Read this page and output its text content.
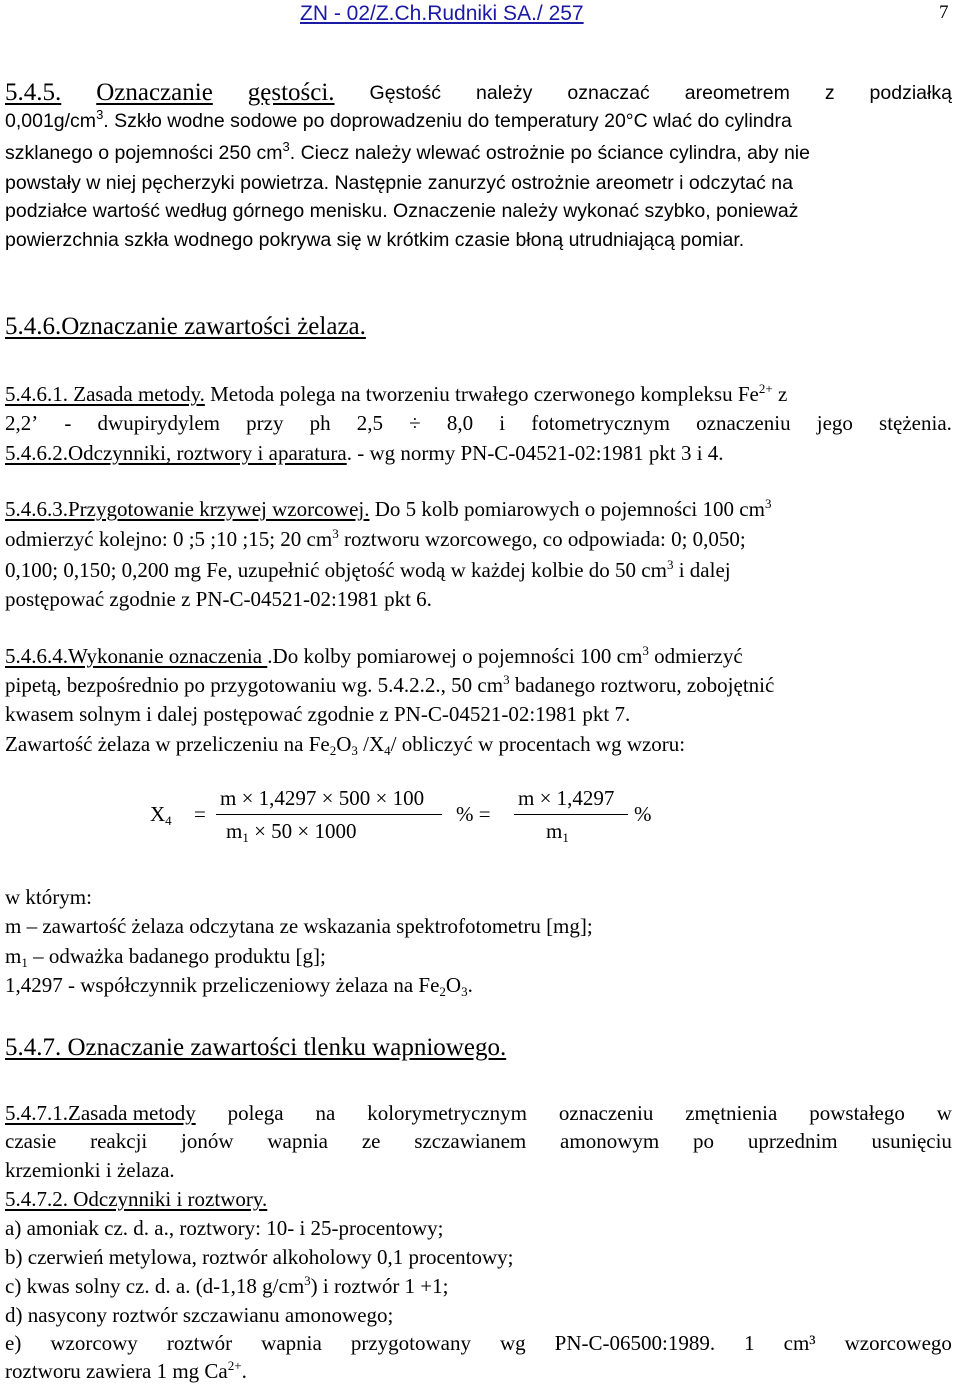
ZN - 02/Z.Ch.Rudniki SA./ 257	7
5.4.5. Oznaczanie gęstości. Gęstość należy oznaczać areometrem z podziałką
$0,001g/cm^3$. Szkło wodne sodowe po doprowadzeniu do temperatury 20°C wlać do cylindra
szklanego o pojemności 250 $cm^3$. Ciecz należy wlewać ostrożnie po ściance cylindra, aby nie
powstały w niej pęcherzyki powietrza. Następnie zanurzyć ostrożnie areometr i odczytać na
podziałce wartość według górnego menisku. Oznaczenie należy wykonać szybko, ponieważ
powierzchnia szkła wodnego pokrywa się w krótkim czasie błoną utrudniającą pomiar.
5.4.6.Oznaczanie zawartości żelaza.
5.4.6.1. Zasada metody. Metoda polega na tworzeniu trwałego czerwonego kompleksu $Fe^{2+}$ z
2,2’ - dwupirydylem przy ph 2,5 ÷ 8,0 i fotometrycznym oznaczeniu jego stężenia.
5.4.6.2.Odczynniki, roztwory i aparatura. - wg normy PN-C-04521-02:1981 pkt 3 i 4.
5.4.6.3.Przygotowanie krzywej wzorcowej. Do 5 kolb pomiarowych o pojemności 100 $cm^3$
odmierzyć kolejno: 0 ;5 ;10 ;15; 20 $cm^3$ roztworu wzorcowego, co odpowiada: 0; 0,050;
0,100; 0,150; 0,200 mg Fe, uzupełnić objętość wodą w każdej kolbie do 50 $cm^3$ i dalej
postępować zgodnie z PN-C-04521-02:1981 pkt 6.
5.4.6.4.Wykonanie oznaczenia .Do kolby pomiarowej o pojemności 100 $cm^3$ odmierzyć
pipetą, bezpośrednio po przygotowaniu wg. 5.4.2.2., 50 $cm^3$ badanego roztworu, zobojętnić
kwasem solnym i dalej postępować zgodnie z PN-C-04521-02:1981 pkt 7.
Zawartość żelaza w przeliczeniu na $Fe_2O_3$ $/X_4/$ obliczyć w procentach wg wzoru:
$X_4$ =
m × 1,4297 × 500 × 100
$m_1 \times 50 \times 1000$
% =
m × 1,4297
$m_1$
%
w którym:
m – zawartość żelaza odczytana ze wskazania spektrofotometru [mg];
$m_1$ – odważka badanego produktu [g];
1,4297 - współczynnik przeliczeniowy żelaza na $Fe_2O_3$.
5.4.7. Oznaczanie zawartości tlenku wapniowego.
5.4.7.1.Zasada metody polega na kolorymetrycznym oznaczeniu zmętnienia powstałego w
czasie reakcji jonów wapnia ze szczawianem amonowym po uprzednim usunięciu
krzemionki i żelaza.
5.4.7.2. Odczynniki i roztwory.
a) amoniak cz. d. a., roztwory: 10- i 25-procentowy;
b) czerwień metylowa, roztwór alkoholowy 0,1 procentowy;
c) kwas solny cz. d. a. (d-1,18 $g/cm^3$) i roztwór 1 +1;
d) nasycony roztwór szczawianu amonowego;
e) wzorcowy roztwór wapnia przygotowany wg PN-C-06500:1989. 1 cm³ wzorcowego
roztworu zawiera 1 mg $Ca^{2+}$.
